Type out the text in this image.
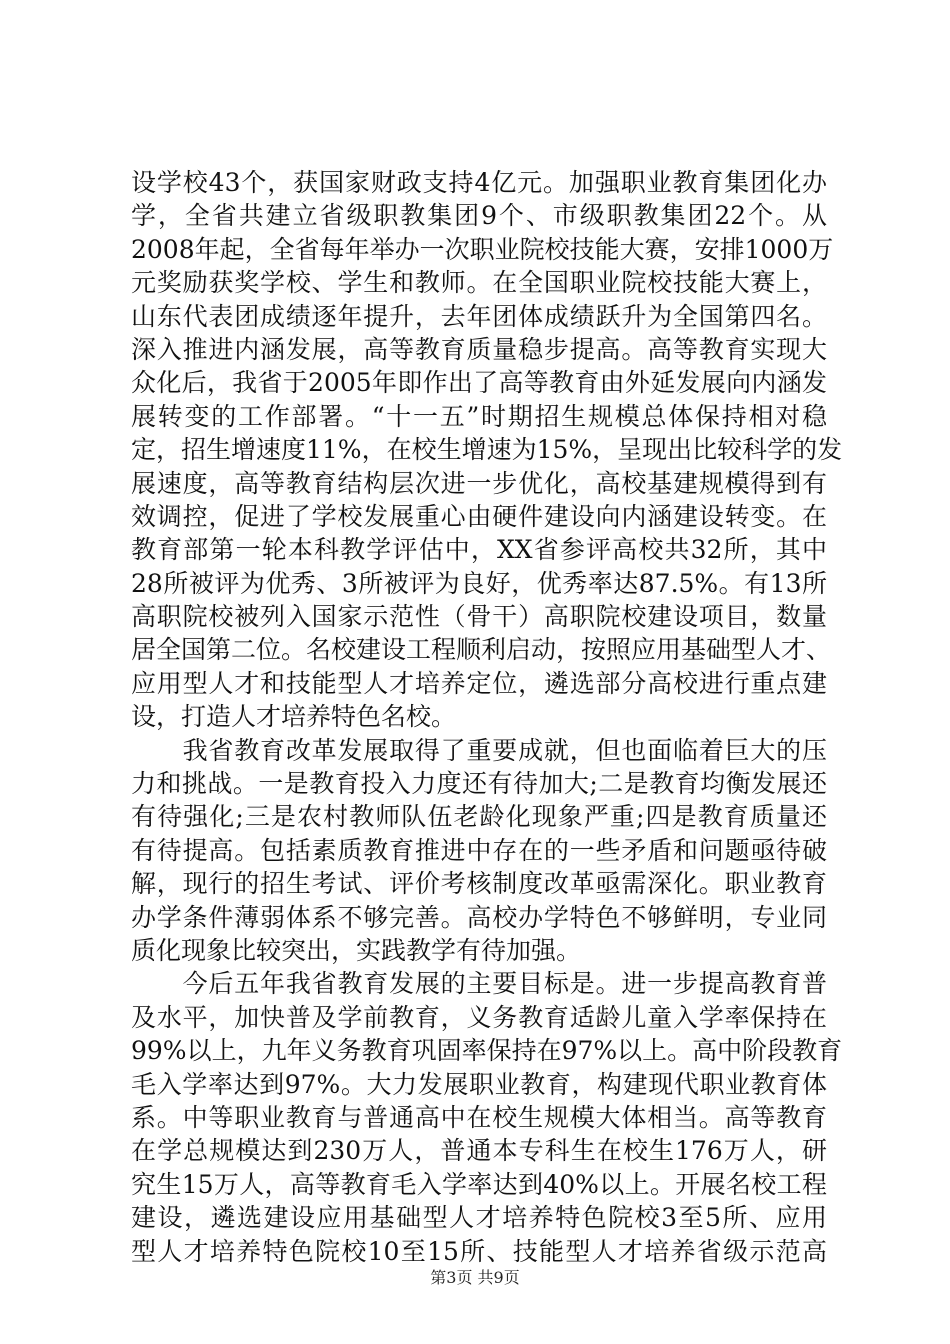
设学校43个，获国家财政支持4亿元。加强职业教育集团化办
学，全省共建立省级职教集团9个、市级职教集团22个。从
2008年起，全省每年举办一次职业院校技能大赛，安排1000万
元奖励获奖学校、学生和教师。在全国职业院校技能大赛上，
山东代表团成绩逐年提升，去年团体成绩跃升为全国第四名。
深入推进内涵发展，高等教育质量稳步提高。高等教育实现大
众化后，我省于2005年即作出了高等教育由外延发展向内涵发
展转变的工作部署。“十一五”时期招生规模总体保持相对稳
定，招生增速度11%，在校生增速为15%，呈现出比较科学的发
展速度，高等教育结构层次进一步优化，高校基建规模得到有
效调控，促进了学校发展重心由硬件建设向内涵建设转变。在
教育部第一轮本科教学评估中，XX省参评高校共32所，其中
28所被评为优秀、3所被评为良好，优秀率达87.5%。有13所
高职院校被列入国家示范性（骨干）高职院校建设项目，数量
居全国第二位。名校建设工程顺利启动，按照应用基础型人才、
应用型人才和技能型人才培养定位，遴选部分高校进行重点建
设，打造人才培养特色名校。
　　我省教育改革发展取得了重要成就，但也面临着巨大的压
力和挑战。一是教育投入力度还有待加大;二是教育均衡发展还
有待强化;三是农村教师队伍老龄化现象严重;四是教育质量还
有待提高。包括素质教育推进中存在的一些矛盾和问题亟待破
解，现行的招生考试、评价考核制度改革亟需深化。职业教育
办学条件薄弱体系不够完善。高校办学特色不够鲜明，专业同
质化现象比较突出，实践教学有待加强。
　　今后五年我省教育发展的主要目标是。进一步提高教育普
及水平，加快普及学前教育，义务教育适龄儿童入学率保持在
99%以上，九年义务教育巩固率保持在97%以上。高中阶段教育
毛入学率达到97%。大力发展职业教育，构建现代职业教育体
系。中等职业教育与普通高中在校生规模大体相当。高等教育
在学总规模达到230万人，普通本专科生在校生176万人，研
究生15万人，高等教育毛入学率达到40%以上。开展名校工程
建设，遴选建设应用基础型人才培养特色院校3至5所、应用
型人才培养特色院校10至15所、技能型人才培养省级示范高
第3页 共9页
